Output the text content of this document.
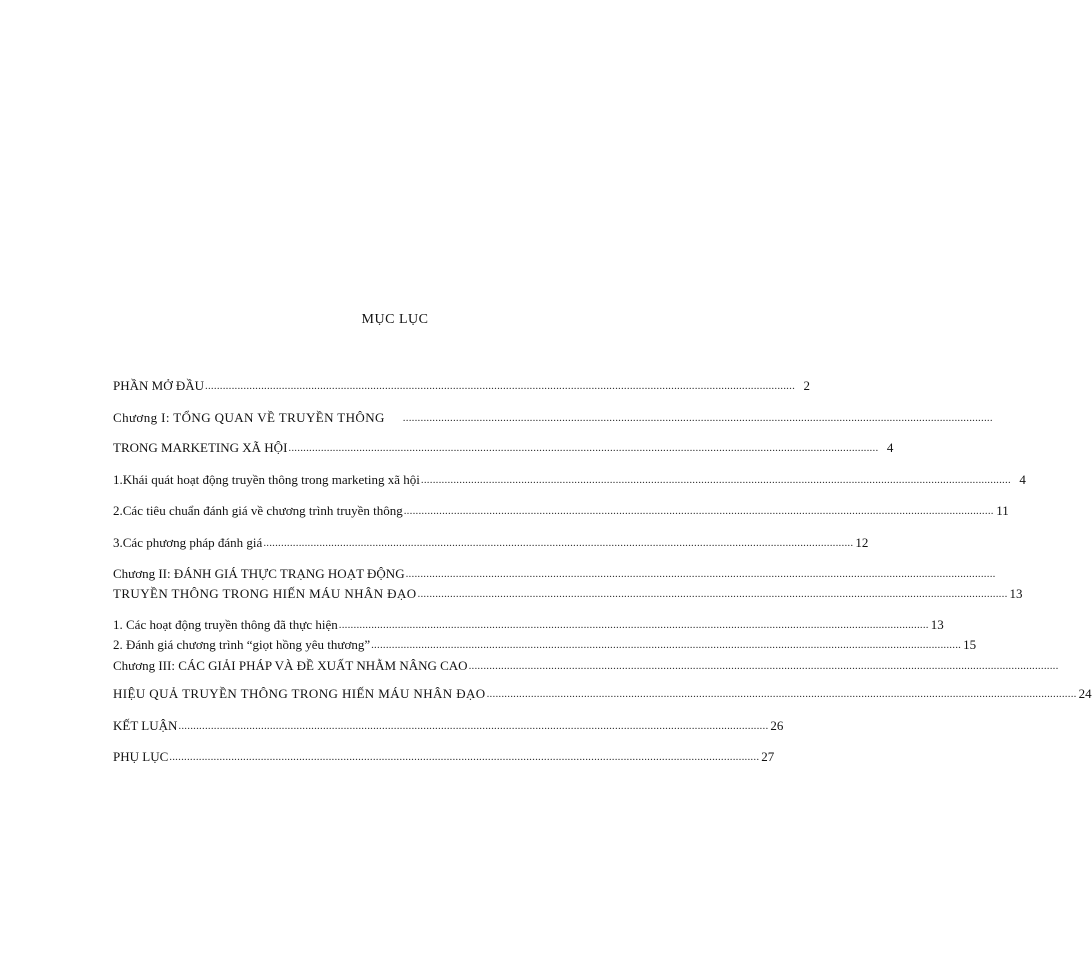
MỤC LỤC
PHẦN MỞ ĐẦU ........................................................................................................................................................................................................ 2
Chương I: TỔNG QUAN VỀ TRUYỀN THÔNG ........................................................................................................................................................................................................
TRONG MARKETING XÃ HỘI ........................................................................................................................................................................................................ 4
1.Khái quát hoạt động truyền thông trong marketing xã hội ........................................................................................................................................................................................................ 4
2.Các tiêu chuẩn đánh giá về chương trình truyền thông ........................................................................................................................................................................................................ 11
3.Các phương pháp đánh giá ........................................................................................................................................................................................................ 12
Chương II: ĐÁNH GIÁ THỰC TRẠNG HOẠT ĐỘNG ........................................................................................................................................................................................................
TRUYỀN THÔNG TRONG HIẾN MÁU NHÂN ĐẠO ........................................................................................................................................................................................................ 13
1. Các hoạt động truyền thông đã thực hiện ........................................................................................................................................................................................................ 13
2. Đánh giá chương trình “giọt hồng yêu thương” ........................................................................................................................................................................................................ 15
Chương III: CÁC GIẢI PHÁP VÀ ĐỀ XUẤT NHẰM NÂNG CAO ........................................................................................................................................................................................................
HIỆU QUẢ TRUYỀN THÔNG TRONG HIẾN MÁU NHÂN ĐẠO ........................................................................................................................................................................................................ 24
KẾT LUẬN ........................................................................................................................................................................................................ 26
PHỤ LỤC ........................................................................................................................................................................................................ 27
